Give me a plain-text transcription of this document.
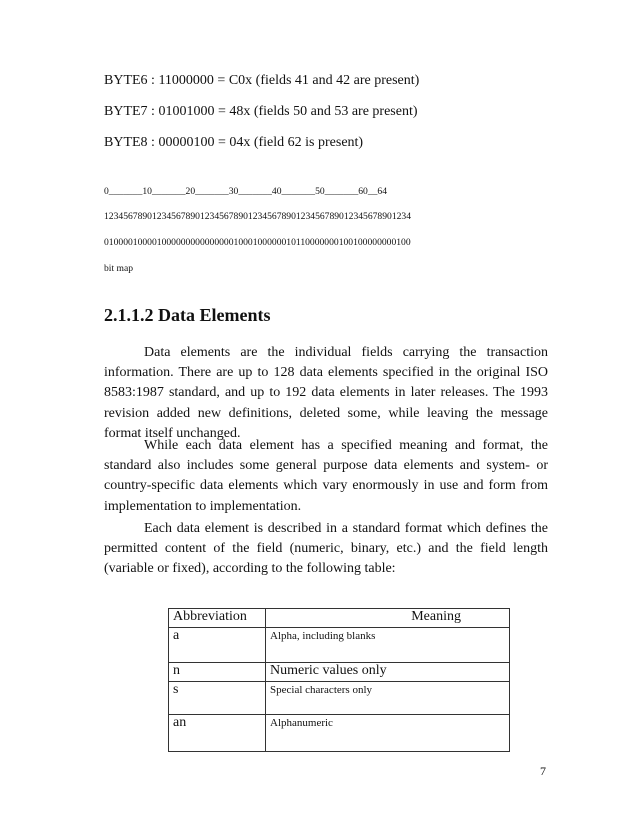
BYTE6 : 11000000 = C0x (fields 41 and 42 are present)
BYTE7 : 01001000 = 48x (fields 50 and 53 are present)
BYTE8 : 00000100 = 04x (field 62 is present)
0_______10_______20_______30_______40_______50_______60__64
1234567890123456789012345678901234567890123456789012345678901234
0100001000010000000000000001000100000010110000000100100000000100
bit map
2.1.1.2 Data Elements

Data elements are the individual fields carrying the transaction information. There are up to 128 data elements specified in the original ISO 8583:1987 standard, and up to 192 data elements in later releases. The 1993 revision added new definitions, deleted some, while leaving the message format itself unchanged.

While each data element has a specified meaning and format, the standard also includes some general purpose data elements and system- or country-specific data elements which vary enormously in use and form from implementation to implementation.

Each data element is described in a standard format which defines the permitted content of the field (numeric, binary, etc.) and the field length (variable or fixed), according to the following table:

Abbreviation	Meaning
a	Alpha, including blanks
n	Numeric values only
s	Special characters only
an	Alphanumeric
7
